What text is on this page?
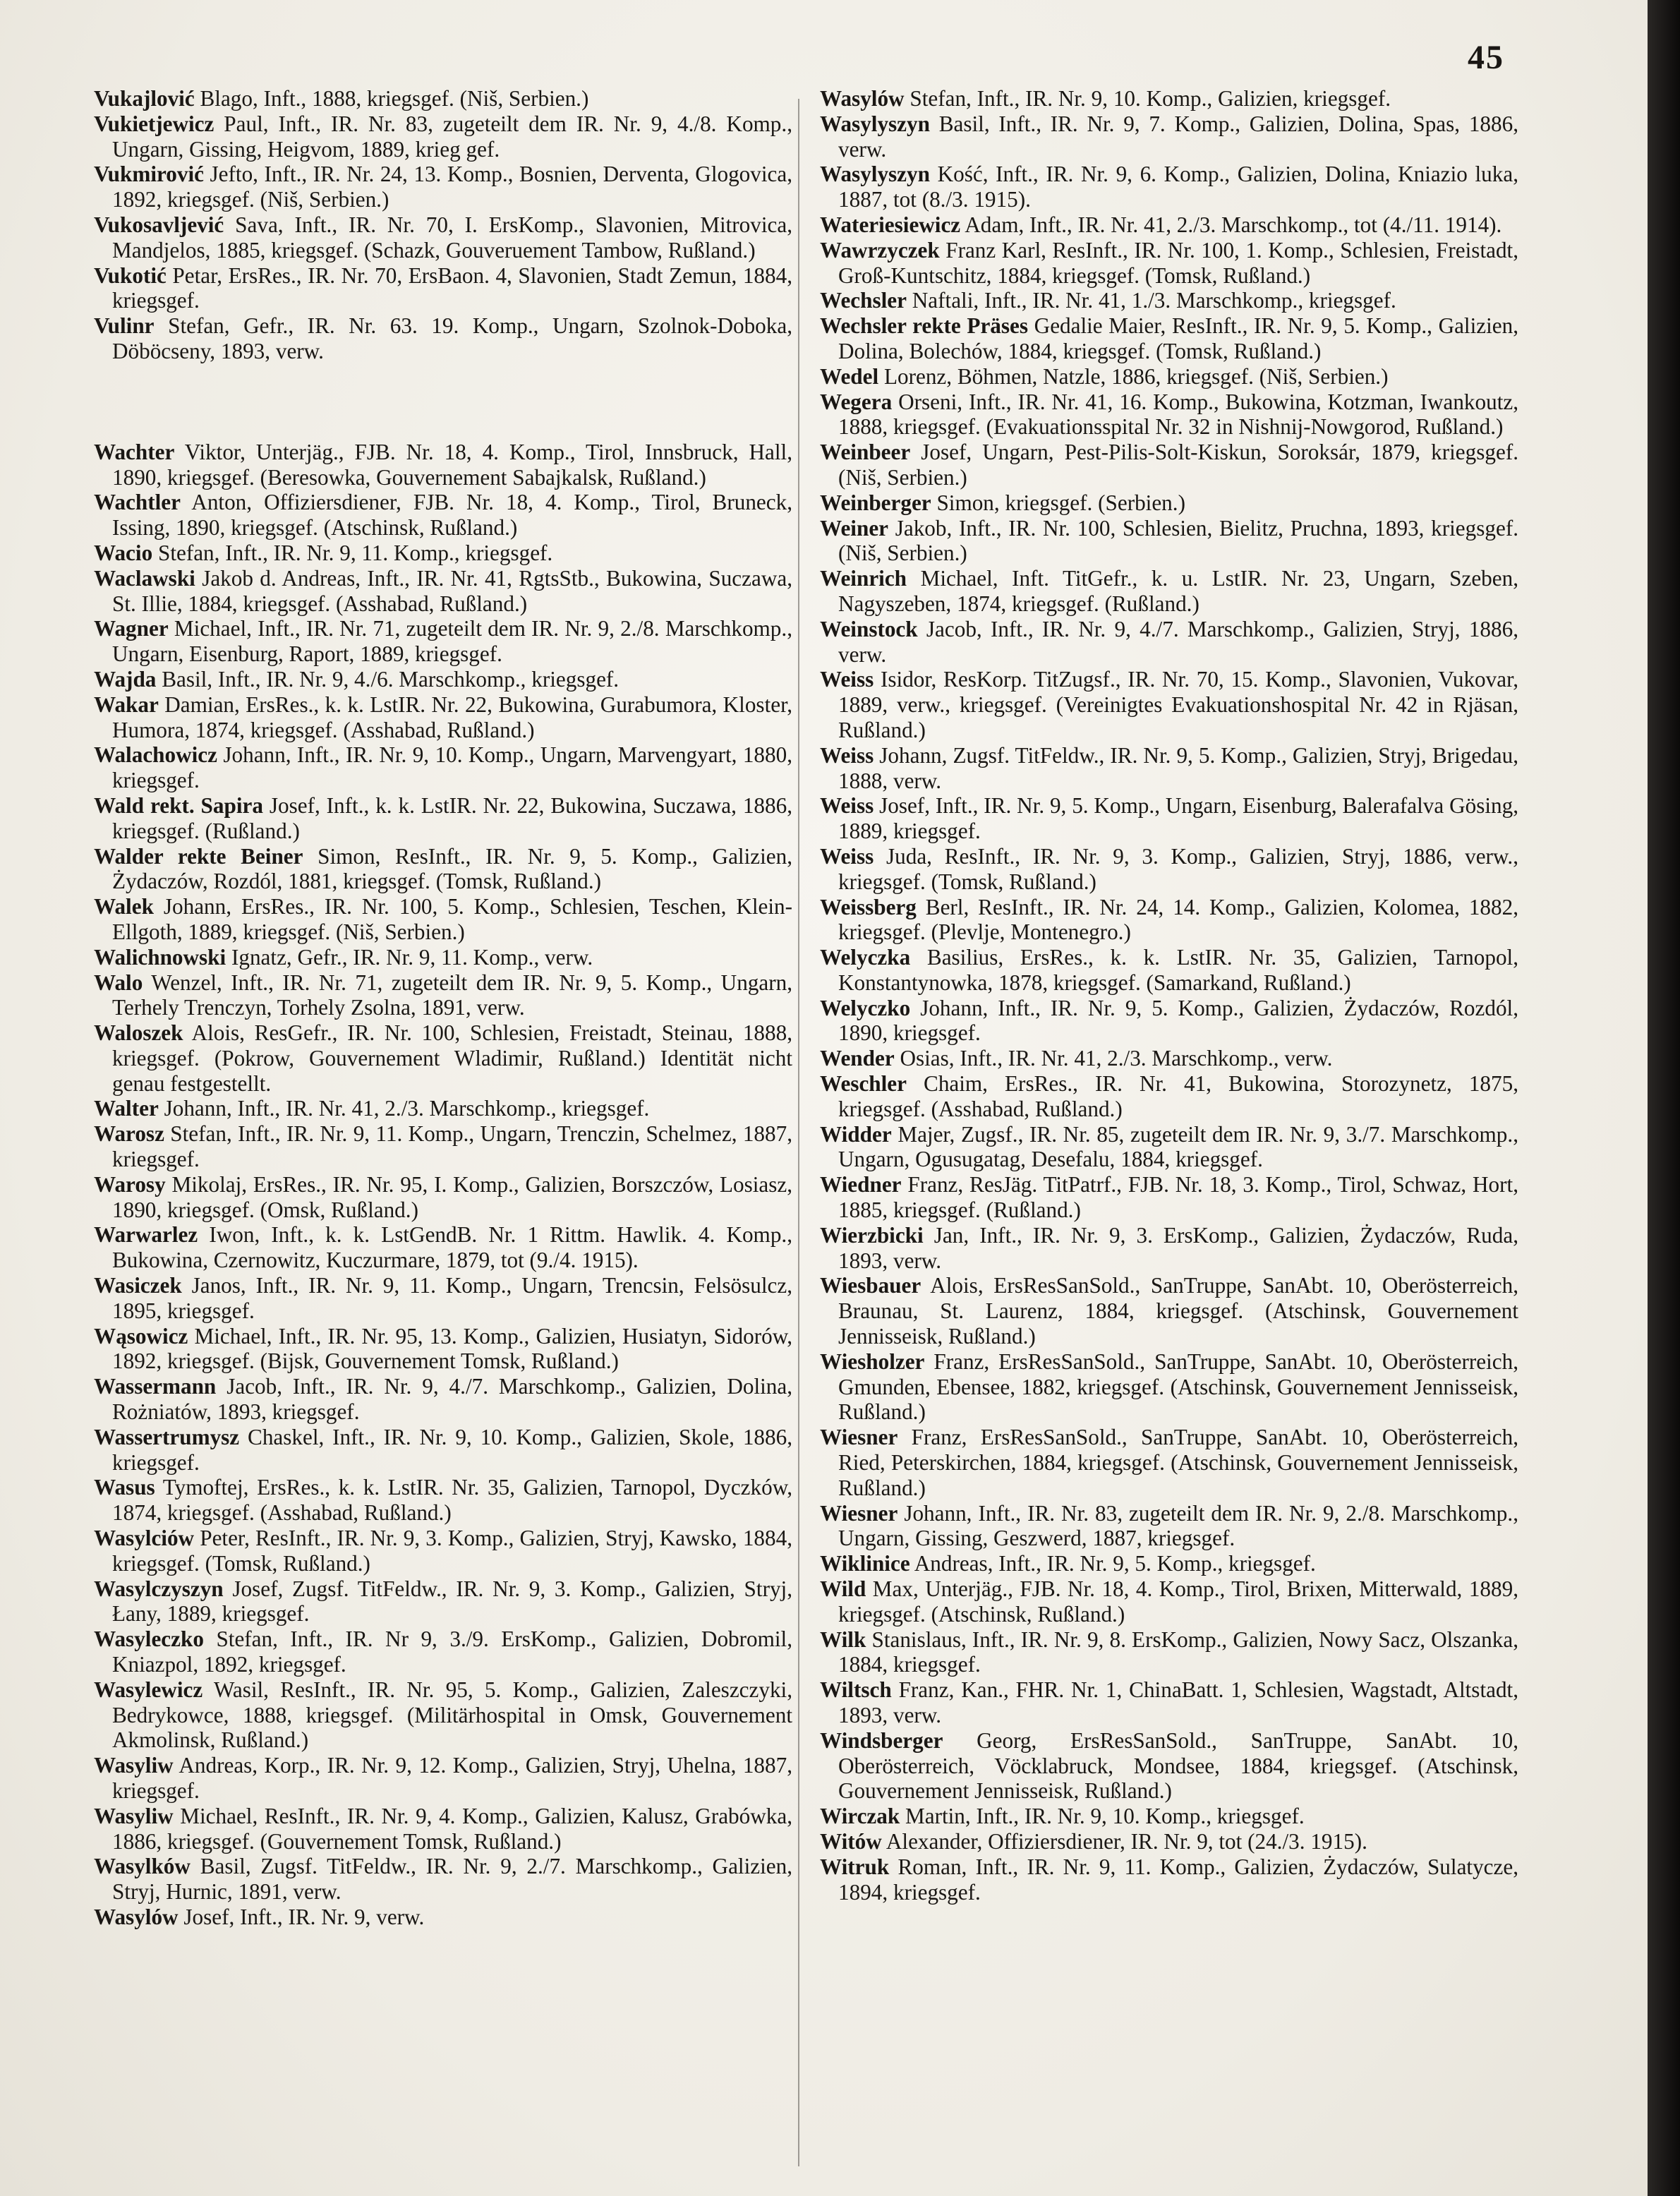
45

Vukajlović Blago, Inft., 1888, kriegsgef. (Niš, Serbien.)

Vukietjewicz Paul, Inft., IR. Nr. 83, zugeteilt dem IR. Nr. 9, 4./8. Komp., Ungarn, Gissing, Heigvom, 1889, krieg gef.

Vukmirović Jefto, Inft., IR. Nr. 24, 13. Komp., Bosnien, Derventa, Glogovica, 1892, kriegsgef. (Niš, Serbien.)

Vukosavljević Sava, Inft., IR. Nr. 70, I. ErsKomp., Slavonien, Mitrovica, Mandjelos, 1885, kriegsgef. (Schazk, Gouveruement Tambow, Rußland.)

Vukotić Petar, ErsRes., IR. Nr. 70, ErsBaon. 4, Slavonien, Stadt Zemun, 1884, kriegsgef.

Vulinr Stefan, Gefr., IR. Nr. 63. 19. Komp., Ungarn, Szolnok-Doboka, Döböcseny, 1893, verw.

Wachter Viktor, Unterjäg., FJB. Nr. 18, 4. Komp., Tirol, Innsbruck, Hall, 1890, kriegsgef. (Beresowka, Gouvernement Sabajkalsk, Rußland.)

Wachtler Anton, Offiziersdiener, FJB. Nr. 18, 4. Komp., Tirol, Bruneck, Issing, 1890, kriegsgef. (Atschinsk, Rußland.)

Wacio Stefan, Inft., IR. Nr. 9, 11. Komp., kriegsgef.

Waclawski Jakob d. Andreas, Inft., IR. Nr. 41, RgtsStb., Bukowina, Suczawa, St. Illie, 1884, kriegsgef. (Asshabad, Rußland.)

Wagner Michael, Inft., IR. Nr. 71, zugeteilt dem IR. Nr. 9, 2./8. Marschkomp., Ungarn, Eisenburg, Raport, 1889, kriegsgef.

Wajda Basil, Inft., IR. Nr. 9, 4./6. Marschkomp., kriegsgef.

Wakar Damian, ErsRes., k. k. LstIR. Nr. 22, Bukowina, Gurabumora, Kloster, Humora, 1874, kriegsgef. (Asshabad, Rußland.)

Walachowicz Johann, Inft., IR. Nr. 9, 10. Komp., Ungarn, Marvengyart, 1880, kriegsgef.

Wald rekt. Sapira Josef, Inft., k. k. LstIR. Nr. 22, Bukowina, Suczawa, 1886, kriegsgef. (Rußland.)

Walder rekte Beiner Simon, ResInft., IR. Nr. 9, 5. Komp., Galizien, Żydaczów, Rozdól, 1881, kriegsgef. (Tomsk, Rußland.)

Walek Johann, ErsRes., IR. Nr. 100, 5. Komp., Schlesien, Teschen, Klein-Ellgoth, 1889, kriegsgef. (Niš, Serbien.)

Walichnowski Ignatz, Gefr., IR. Nr. 9, 11. Komp., verw.

Walo Wenzel, Inft., IR. Nr. 71, zugeteilt dem IR. Nr. 9, 5. Komp., Ungarn, Terhely Trenczyn, Torhely Zsolna, 1891, verw.

Waloszek Alois, ResGefr., IR. Nr. 100, Schlesien, Freistadt, Steinau, 1888, kriegsgef. (Pokrow, Gouvernement Wladimir, Rußland.) Identität nicht genau festgestellt.

Walter Johann, Inft., IR. Nr. 41, 2./3. Marschkomp., kriegsgef.

Warosz Stefan, Inft., IR. Nr. 9, 11. Komp., Ungarn, Trenczin, Schelmez, 1887, kriegsgef.

Warosy Mikolaj, ErsRes., IR. Nr. 95, I. Komp., Galizien, Borszczów, Losiasz, 1890, kriegsgef. (Omsk, Rußland.)

Warwarlez Iwon, Inft., k. k. LstGendB. Nr. 1 Rittm. Hawlik. 4. Komp., Bukowina, Czernowitz, Kuczurmare, 1879, tot (9./4. 1915).

Wasiczek Janos, Inft., IR. Nr. 9, 11. Komp., Ungarn, Trencsin, Felsösulcz, 1895, kriegsgef.

Wąsowicz Michael, Inft., IR. Nr. 95, 13. Komp., Galizien, Husiatyn, Sidorów, 1892, kriegsgef. (Bijsk, Gouvernement Tomsk, Rußland.)

Wassermann Jacob, Inft., IR. Nr. 9, 4./7. Marschkomp., Galizien, Dolina, Rożniatów, 1893, kriegsgef.

Wassertrumysz Chaskel, Inft., IR. Nr. 9, 10. Komp., Galizien, Skole, 1886, kriegsgef.

Wasus Tymoftej, ErsRes., k. k. LstIR. Nr. 35, Galizien, Tarnopol, Dyczków, 1874, kriegsgef. (Asshabad, Rußland.)

Wasylciów Peter, ResInft., IR. Nr. 9, 3. Komp., Galizien, Stryj, Kawsko, 1884, kriegsgef. (Tomsk, Rußland.)

Wasylczyszyn Josef, Zugsf. TitFeldw., IR. Nr. 9, 3. Komp., Galizien, Stryj, Łany, 1889, kriegsgef.

Wasyleczko Stefan, Inft., IR. Nr 9, 3./9. ErsKomp., Galizien, Dobromil, Kniazpol, 1892, kriegsgef.

Wasylewicz Wasil, ResInft., IR. Nr. 95, 5. Komp., Galizien, Zaleszczyki, Bedrykowce, 1888, kriegsgef. (Militärhospital in Omsk, Gouvernement Akmolinsk, Rußland.)

Wasyliw Andreas, Korp., IR. Nr. 9, 12. Komp., Galizien, Stryj, Uhelna, 1887, kriegsgef.

Wasyliw Michael, ResInft., IR. Nr. 9, 4. Komp., Galizien, Kalusz, Grabówka, 1886, kriegsgef. (Gouvernement Tomsk, Rußland.)

Wasylków Basil, Zugsf. TitFeldw., IR. Nr. 9, 2./7. Marschkomp., Galizien, Stryj, Hurnic, 1891, verw.

Wasylów Josef, Inft., IR. Nr. 9, verw.

Wasylów Stefan, Inft., IR. Nr. 9, 10. Komp., Galizien, kriegsgef.

Wasylyszyn Basil, Inft., IR. Nr. 9, 7. Komp., Galizien, Dolina, Spas, 1886, verw.

Wasylyszyn Kość, Inft., IR. Nr. 9, 6. Komp., Galizien, Dolina, Kniazio luka, 1887, tot (8./3. 1915).

Wateriesiewicz Adam, Inft., IR. Nr. 41, 2./3. Marschkomp., tot (4./11. 1914).

Wawrzyczek Franz Karl, ResInft., IR. Nr. 100, 1. Komp., Schlesien, Freistadt, Groß-Kuntschitz, 1884, kriegsgef. (Tomsk, Rußland.)

Wechsler Naftali, Inft., IR. Nr. 41, 1./3. Marschkomp., kriegsgef.

Wechsler rekte Präses Gedalie Maier, ResInft., IR. Nr. 9, 5. Komp., Galizien, Dolina, Bolechów, 1884, kriegsgef. (Tomsk, Rußland.)

Wedel Lorenz, Böhmen, Natzle, 1886, kriegsgef. (Niš, Serbien.)

Wegera Orseni, Inft., IR. Nr. 41, 16. Komp., Bukowina, Kotzman, Iwankoutz, 1888, kriegsgef. (Evakuationsspital Nr. 32 in Nishnij-Nowgorod, Rußland.)

Weinbeer Josef, Ungarn, Pest-Pilis-Solt-Kiskun, Soroksár, 1879, kriegsgef. (Niš, Serbien.)

Weinberger Simon, kriegsgef. (Serbien.)

Weiner Jakob, Inft., IR. Nr. 100, Schlesien, Bielitz, Pruchna, 1893, kriegsgef. (Niš, Serbien.)

Weinrich Michael, Inft. TitGefr., k. u. LstIR. Nr. 23, Ungarn, Szeben, Nagyszeben, 1874, kriegsgef. (Rußland.)

Weinstock Jacob, Inft., IR. Nr. 9, 4./7. Marschkomp., Galizien, Stryj, 1886, verw.

Weiss Isidor, ResKorp. TitZugsf., IR. Nr. 70, 15. Komp., Slavonien, Vukovar, 1889, verw., kriegsgef. (Vereinigtes Evakuationshospital Nr. 42 in Rjäsan, Rußland.)

Weiss Johann, Zugsf. TitFeldw., IR. Nr. 9, 5. Komp., Galizien, Stryj, Brigedau, 1888, verw.

Weiss Josef, Inft., IR. Nr. 9, 5. Komp., Ungarn, Eisenburg, Balerafalva Gösing, 1889, kriegsgef.

Weiss Juda, ResInft., IR. Nr. 9, 3. Komp., Galizien, Stryj, 1886, verw., kriegsgef. (Tomsk, Rußland.)

Weissberg Berl, ResInft., IR. Nr. 24, 14. Komp., Galizien, Kolomea, 1882, kriegsgef. (Plevlje, Montenegro.)

Welyczka Basilius, ErsRes., k. k. LstIR. Nr. 35, Galizien, Tarnopol, Konstantynowka, 1878, kriegsgef. (Samarkand, Rußland.)

Welyczko Johann, Inft., IR. Nr. 9, 5. Komp., Galizien, Żydaczów, Rozdól, 1890, kriegsgef.

Wender Osias, Inft., IR. Nr. 41, 2./3. Marschkomp., verw.

Weschler Chaim, ErsRes., IR. Nr. 41, Bukowina, Storozynetz, 1875, kriegsgef. (Asshabad, Rußland.)

Widder Majer, Zugsf., IR. Nr. 85, zugeteilt dem IR. Nr. 9, 3./7. Marschkomp., Ungarn, Ogusugatag, Desefalu, 1884, kriegsgef.

Wiedner Franz, ResJäg. TitPatrf., FJB. Nr. 18, 3. Komp., Tirol, Schwaz, Hort, 1885, kriegsgef. (Rußland.)

Wierzbicki Jan, Inft., IR. Nr. 9, 3. ErsKomp., Galizien, Żydaczów, Ruda, 1893, verw.

Wiesbauer Alois, ErsResSanSold., SanTruppe, SanAbt. 10, Oberösterreich, Braunau, St. Laurenz, 1884, kriegsgef. (Atschinsk, Gouvernement Jennisseisk, Rußland.)

Wiesholzer Franz, ErsResSanSold., SanTruppe, SanAbt. 10, Oberösterreich, Gmunden, Ebensee, 1882, kriegsgef. (Atschinsk, Gouvernement Jennisseisk, Rußland.)

Wiesner Franz, ErsResSanSold., SanTruppe, SanAbt. 10, Oberösterreich, Ried, Peterskirchen, 1884, kriegsgef. (Atschinsk, Gouvernement Jennisseisk, Rußland.)

Wiesner Johann, Inft., IR. Nr. 83, zugeteilt dem IR. Nr. 9, 2./8. Marschkomp., Ungarn, Gissing, Geszwerd, 1887, kriegsgef.

Wiklinice Andreas, Inft., IR. Nr. 9, 5. Komp., kriegsgef.

Wild Max, Unterjäg., FJB. Nr. 18, 4. Komp., Tirol, Brixen, Mitterwald, 1889, kriegsgef. (Atschinsk, Rußland.)

Wilk Stanislaus, Inft., IR. Nr. 9, 8. ErsKomp., Galizien, Nowy Sacz, Olszanka, 1884, kriegsgef.

Wiltsch Franz, Kan., FHR. Nr. 1, ChinaBatt. 1, Schlesien, Wagstadt, Altstadt, 1893, verw.

Windsberger Georg, ErsResSanSold., SanTruppe, SanAbt. 10, Oberösterreich, Vöcklabruck, Mondsee, 1884, kriegsgef. (Atschinsk, Gouvernement Jennisseisk, Rußland.)

Wirczak Martin, Inft., IR. Nr. 9, 10. Komp., kriegsgef.

Witów Alexander, Offiziersdiener, IR. Nr. 9, tot (24./3. 1915).

Witruk Roman, Inft., IR. Nr. 9, 11. Komp., Galizien, Żydaczów, Sulatycze, 1894, kriegsgef.
